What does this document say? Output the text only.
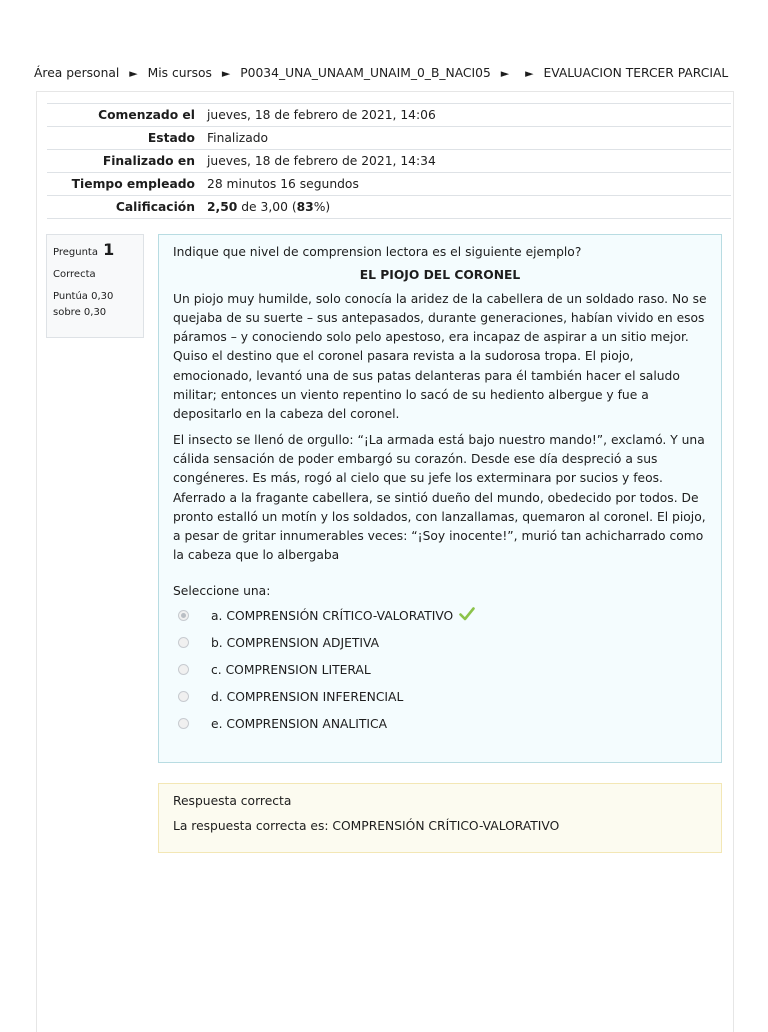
Área personal ► Mis cursos ► P0034_UNA_UNAAM_UNAIM_0_B_NACI05 ► ► EVALUACION TERCER PARCIAL
Comenzado el	jueves, 18 de febrero de 2021, 14:06
Estado	Finalizado
Finalizado en	jueves, 18 de febrero de 2021, 14:34
Tiempo empleado	28 minutos 16 segundos
Calificación	2,50 de 3,00 (83%)
Pregunta 1
Correcta
Puntúa 0,30 sobre 0,30

Indique que nivel de comprension lectora es el siguiente ejemplo?

EL PIOJO DEL CORONEL

Un piojo muy humilde, solo conocía la aridez de la cabellera de un soldado raso. No se quejaba de su suerte – sus antepasados, durante generaciones, habían vivido en esos páramos – y conociendo solo pelo apestoso, era incapaz de aspirar a un sitio mejor. Quiso el destino que el coronel pasara revista a la sudorosa tropa. El piojo, emocionado, levantó una de sus patas delanteras para él también hacer el saludo militar; entonces un viento repentino lo sacó de su hediento albergue y fue a depositarlo en la cabeza del coronel.

El insecto se llenó de orgullo: “¡La armada está bajo nuestro mando!”, exclamó. Y una cálida sensación de poder embargó su corazón. Desde ese día despreció a sus congéneres. Es más, rogó al cielo que su jefe los exterminara por sucios y feos. Aferrado a la fragante cabellera, se sintió dueño del mundo, obedecido por todos. De pronto estalló un motín y los soldados, con lanzallamas, quemaron al coronel. El piojo, a pesar de gritar innumerables veces: “¡Soy inocente!”, murió tan achicharrado como la cabeza que lo albergaba

Seleccione una:
a. COMPRENSIÓN CRÍTICO-VALORATIVO
b. COMPRENSION ADJETIVA
c. COMPRENSION LITERAL
d. COMPRENSION INFERENCIAL
e. COMPRENSION ANALITICA
Respuesta correcta
La respuesta correcta es: COMPRENSIÓN CRÍTICO-VALORATIVO
